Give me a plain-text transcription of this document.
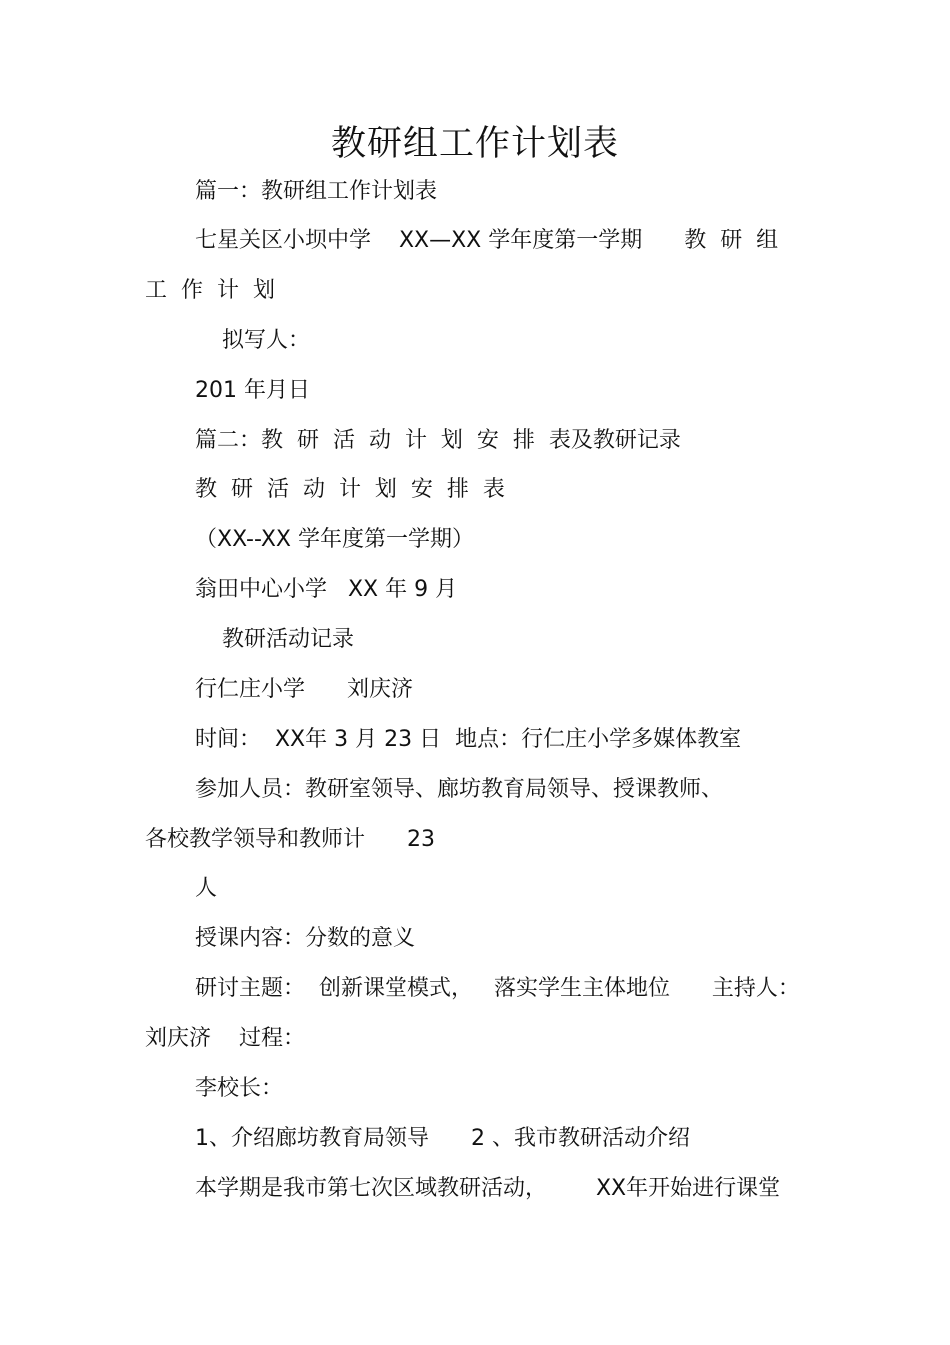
教研组工作计划表
篇一：教研组工作计划表
七星关区小坝中学    XX—XX 学年度第一学期      教  研  组
工  作  计  划
拟写人：
201 年月日
篇二：教  研  活  动  计  划  安  排  表及教研记录
教  研  活  动  计  划  安  排  表
（XX--XX 学年度第一学期）
翁田中心小学   XX 年 9 月
教研活动记录
行仁庄小学      刘庆济
时间：  XX年 3 月 23 日  地点：行仁庄小学多媒体教室
参加人员：教研室领导、廊坊教育局领导、授课教师、
各校教学领导和教师计      23
人
授课内容：分数的意义
研讨主题：  创新课堂模式，   落实学生主体地位      主持人：
刘庆济    过程：
李校长：
1、介绍廊坊教育局领导      2 、我市教研活动介绍
本学期是我市第七次区域教研活动，       XX年开始进行课堂
